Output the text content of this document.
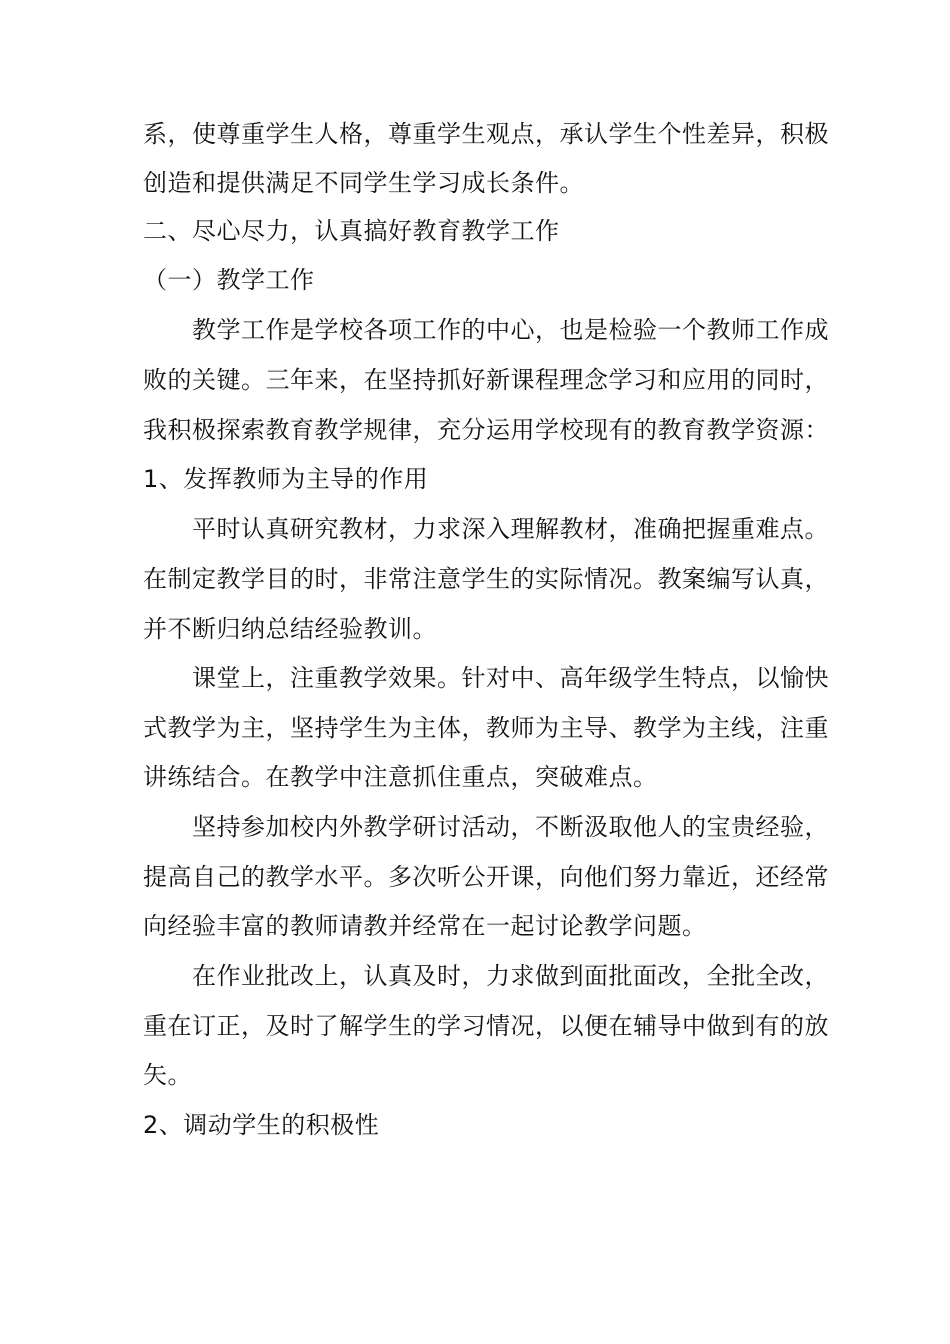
系，使尊重学生人格，尊重学生观点，承认学生个性差异，积极
创造和提供满足不同学生学习成长条件。
二、尽心尽力，认真搞好教育教学工作
（一）教学工作
教学工作是学校各项工作的中心，也是检验一个教师工作成
败的关键。三年来，在坚持抓好新课程理念学习和应用的同时，
我积极探索教育教学规律，充分运用学校现有的教育教学资源：
1、发挥教师为主导的作用
平时认真研究教材，力求深入理解教材，准确把握重难点。
在制定教学目的时，非常注意学生的实际情况。教案编写认真，
并不断归纳总结经验教训。
课堂上，注重教学效果。针对中、高年级学生特点，以愉快
式教学为主，坚持学生为主体，教师为主导、教学为主线，注重
讲练结合。在教学中注意抓住重点，突破难点。
坚持参加校内外教学研讨活动，不断汲取他人的宝贵经验，
提高自己的教学水平。多次听公开课，向他们努力靠近，还经常
向经验丰富的教师请教并经常在一起讨论教学问题。
在作业批改上，认真及时，力求做到面批面改，全批全改，
重在订正，及时了解学生的学习情况，以便在辅导中做到有的放
矢。
2、调动学生的积极性
